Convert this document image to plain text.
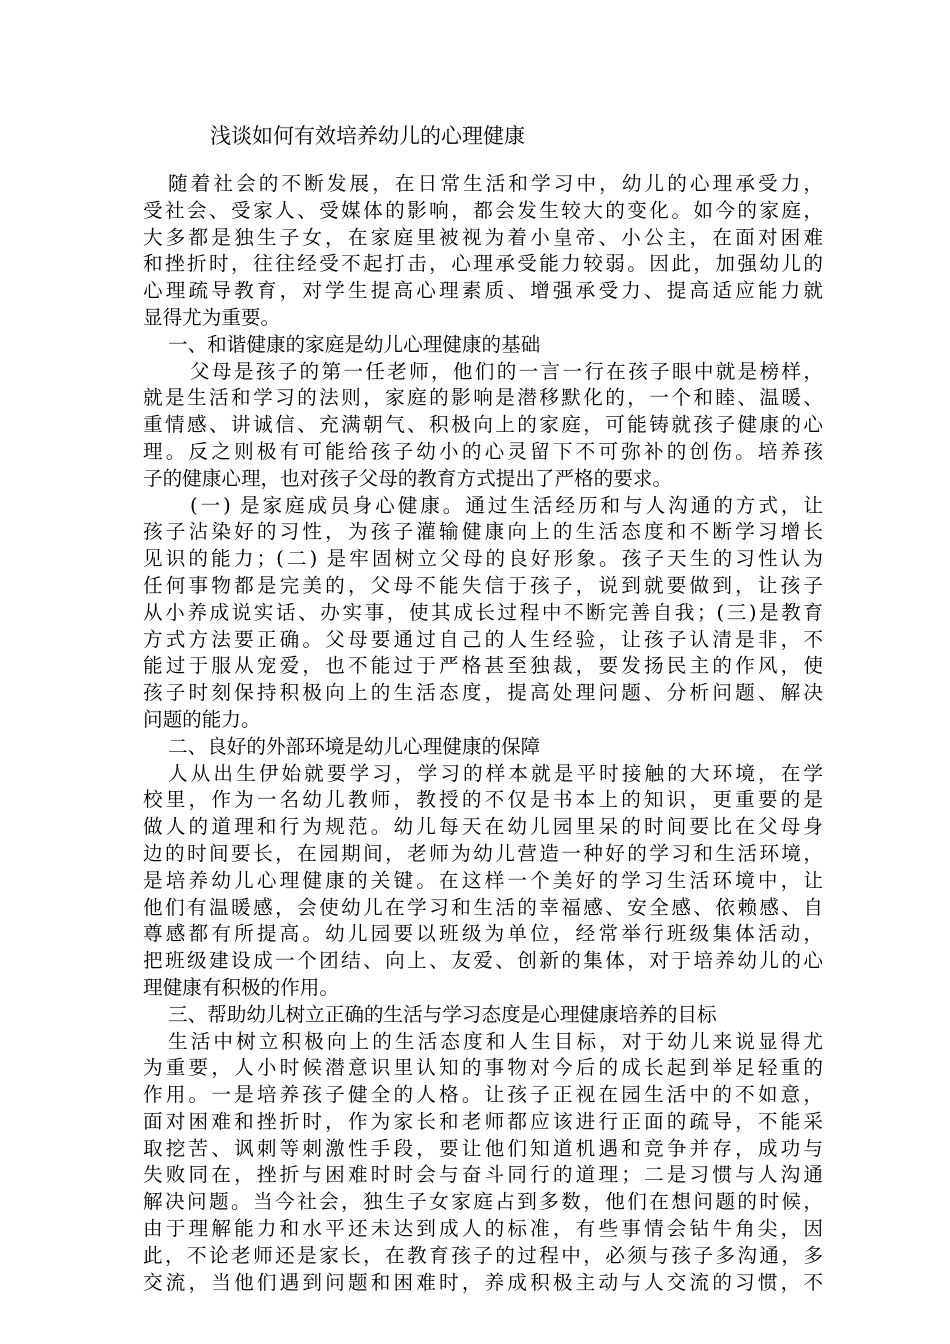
浅谈如何有效培养幼儿的心理健康
随着社会的不断发展，在日常生活和学习中，幼儿的心理承受力，
受社会、受家人、受媒体的影响，都会发生较大的变化。如今的家庭，
大多都是独生子女，在家庭里被视为着小皇帝、小公主，在面对困难
和挫折时，往往经受不起打击，心理承受能力较弱。因此，加强幼儿的
心理疏导教育，对学生提高心理素质、增强承受力、提高适应能力就
显得尤为重要。
一、和谐健康的家庭是幼儿心理健康的基础
父母是孩子的第一任老师，他们的一言一行在孩子眼中就是榜样，
就是生活和学习的法则，家庭的影响是潜移默化的，一个和睦、温暖、
重情感、讲诚信、充满朝气、积极向上的家庭，可能铸就孩子健康的心
理。反之则极有可能给孩子幼小的心灵留下不可弥补的创伤。培养孩
子的健康心理，也对孩子父母的教育方式提出了严格的要求。
(一) 是家庭成员身心健康。通过生活经历和与人沟通的方式，让
孩子沾染好的习性，为孩子灌输健康向上的生活态度和不断学习增长
见识的能力；(二) 是牢固树立父母的良好形象。孩子天生的习性认为
任何事物都是完美的，父母不能失信于孩子，说到就要做到，让孩子
从小养成说实话、办实事，使其成长过程中不断完善自我；(三)是教育
方式方法要正确。父母要通过自己的人生经验，让孩子认清是非，不
能过于服从宠爱，也不能过于严格甚至独裁，要发扬民主的作风，使
孩子时刻保持积极向上的生活态度，提高处理问题、分析问题、解决
问题的能力。
二、良好的外部环境是幼儿心理健康的保障
人从出生伊始就要学习，学习的样本就是平时接触的大环境，在学
校里，作为一名幼儿教师，教授的不仅是书本上的知识，更重要的是
做人的道理和行为规范。幼儿每天在幼儿园里呆的时间要比在父母身
边的时间要长，在园期间，老师为幼儿营造一种好的学习和生活环境，
是培养幼儿心理健康的关键。在这样一个美好的学习生活环境中，让
他们有温暖感，会使幼儿在学习和生活的幸福感、安全感、依赖感、自
尊感都有所提高。幼儿园要以班级为单位，经常举行班级集体活动，
把班级建设成一个团结、向上、友爱、创新的集体，对于培养幼儿的心
理健康有积极的作用。
三、帮助幼儿树立正确的生活与学习态度是心理健康培养的目标
生活中树立积极向上的生活态度和人生目标，对于幼儿来说显得尤
为重要，人小时候潜意识里认知的事物对今后的成长起到举足轻重的
作用。一是培养孩子健全的人格。让孩子正视在园生活中的不如意，
面对困难和挫折时，作为家长和老师都应该进行正面的疏导，不能采
取挖苦、讽刺等刺激性手段，要让他们知道机遇和竞争并存，成功与
失败同在，挫折与困难时时会与奋斗同行的道理；二是习惯与人沟通
解决问题。当今社会，独生子女家庭占到多数，他们在想问题的时候，
由于理解能力和水平还未达到成人的标准，有些事情会钻牛角尖，因
此，不论老师还是家长，在教育孩子的过程中，必须与孩子多沟通，多
交流，当他们遇到问题和困难时，养成积极主动与人交流的习惯，不
